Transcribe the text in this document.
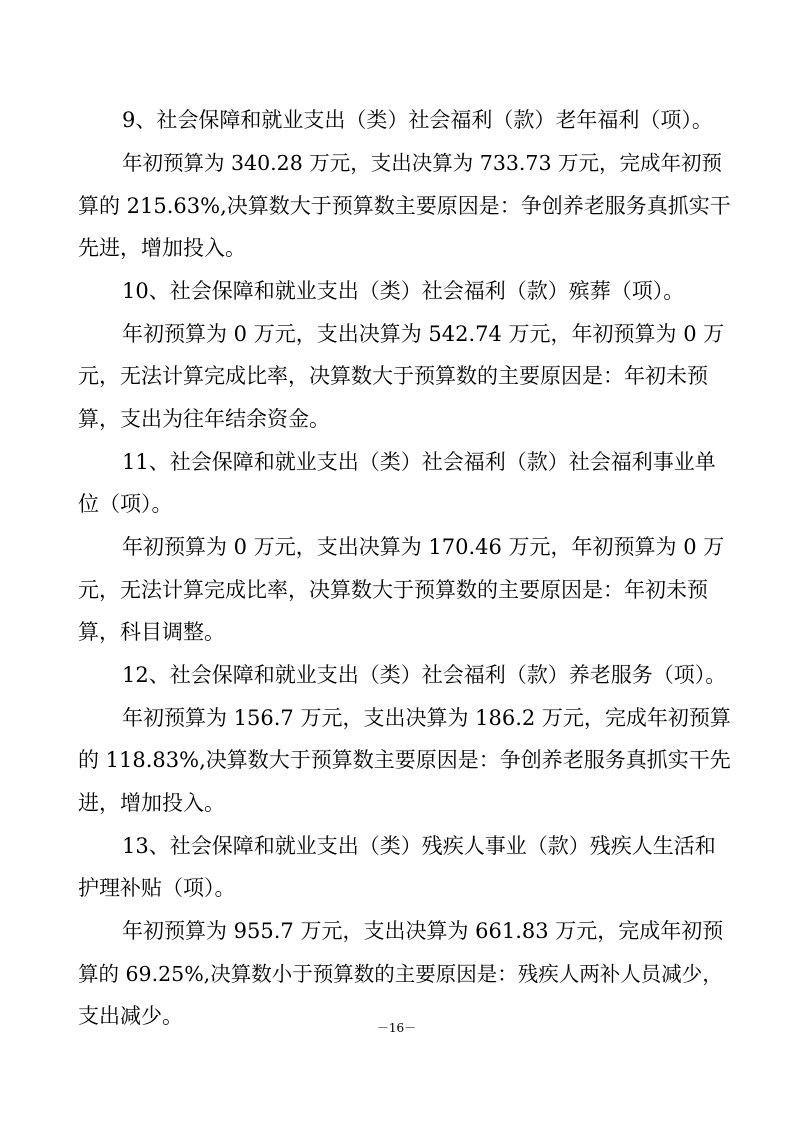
9、社会保障和就业支出（类）社会福利（款）老年福利（项）。
年初预算为 340.28 万元，支出决算为 733.73 万元，完成年初预
算的 215.63%,决算数大于预算数主要原因是：争创养老服务真抓实干
先进，增加投入。
10、社会保障和就业支出（类）社会福利（款）殡葬（项）。
年初预算为 0 万元，支出决算为 542.74 万元，年初预算为 0 万
元，无法计算完成比率，决算数大于预算数的主要原因是：年初未预
算，支出为往年结余资金。
11、社会保障和就业支出（类）社会福利（款）社会福利事业单
位（项）。
年初预算为 0 万元，支出决算为 170.46 万元，年初预算为 0 万
元，无法计算完成比率，决算数大于预算数的主要原因是：年初未预
算，科目调整。
12、社会保障和就业支出（类）社会福利（款）养老服务（项）。
年初预算为 156.7 万元，支出决算为 186.2 万元，完成年初预算
的 118.83%,决算数大于预算数主要原因是：争创养老服务真抓实干先
进，增加投入。
13、社会保障和就业支出（类）残疾人事业（款）残疾人生活和
护理补贴（项）。
年初预算为 955.7 万元，支出决算为 661.83 万元，完成年初预
算的 69.25%,决算数小于预算数的主要原因是：残疾人两补人员减少，
支出减少。	－16－
